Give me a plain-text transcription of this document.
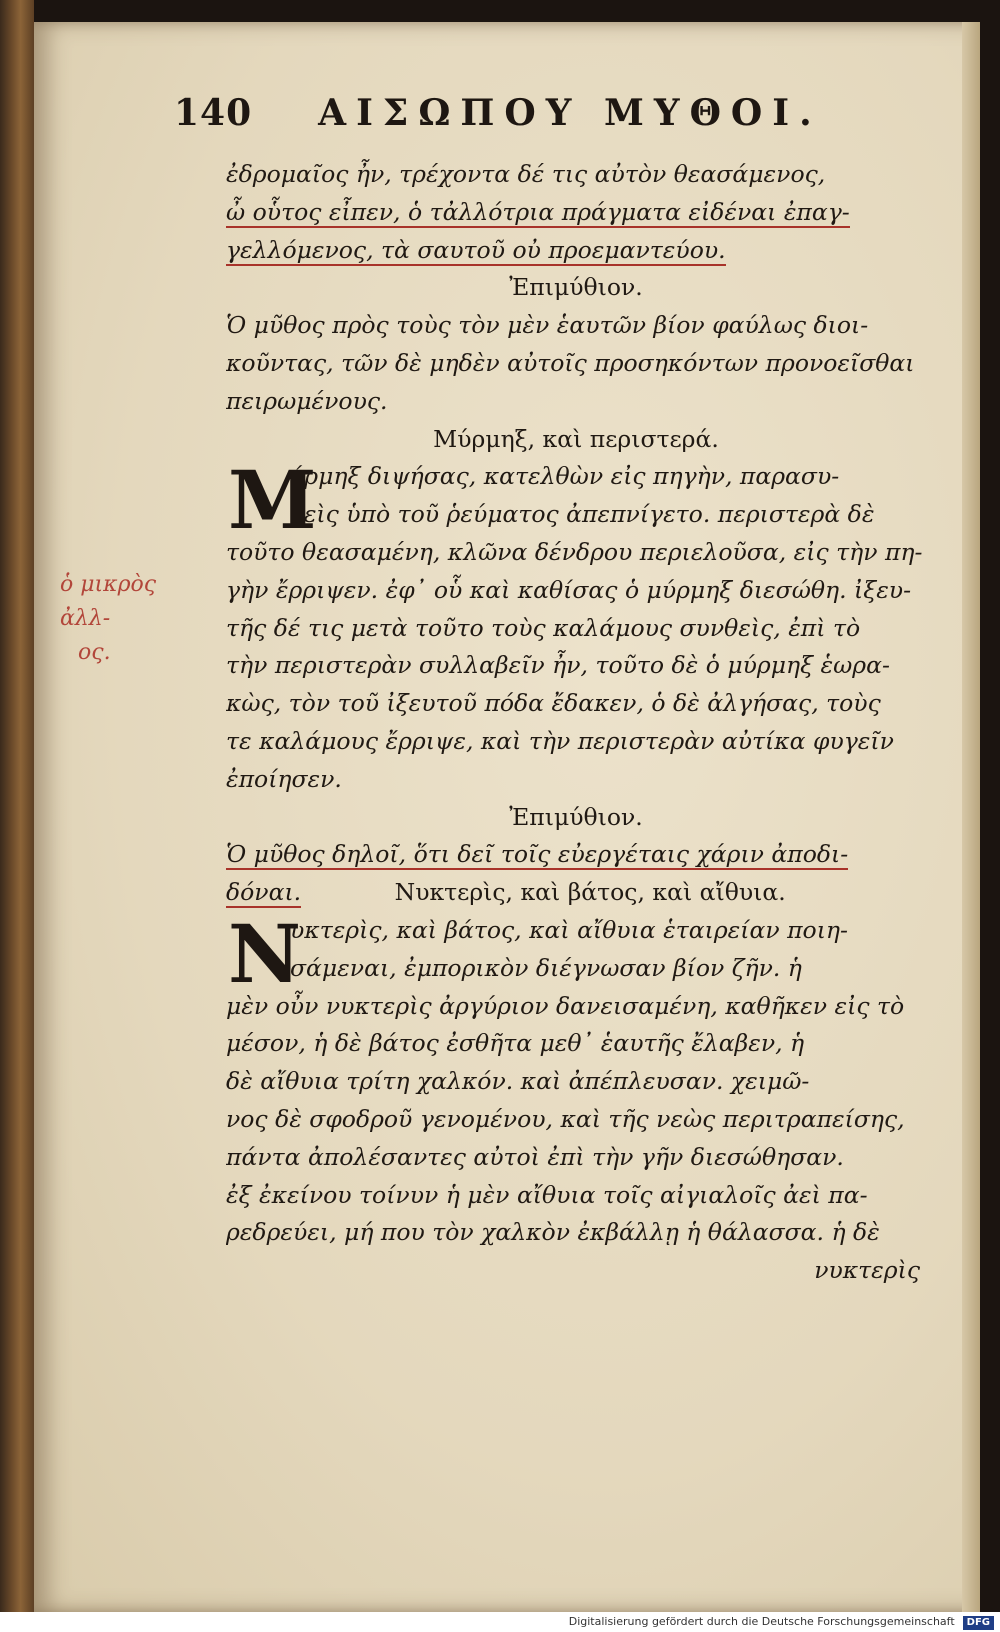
140 ΑΙΣΩΠΟΥ ΜΥΘΟΙ.
ὁ μικρὸς ἀλλ-
ος.
ἐδρομαῖος ἦν, τρέχοντα δέ τις αὐτὸν θεασάμενος,
ὦ οὗτος εἶπεν, ὁ τἀλλότρια πράγματα εἰδέναι ἐπαγ-
γελλόμενος, τὰ σαυτοῦ οὐ προεμαντεύου.
Ἐπιμύθιον.
Ὁ μῦθος πρὸς τοὺς τὸν μὲν ἑαυτῶν βίον φαύλως διοι-
κοῦντας, τῶν δὲ μηδὲν αὐτοῖς προσηκόντων προνοεῖσθαι
πειρωμένους.
Μύρμηξ, καὶ περιστερά.
M
ύρμηξ διψήσας, κατελθὼν εἰς πηγὴν, παρασυ-
ρεὶς ὑπὸ τοῦ ῥεύματος ἀπεπνίγετο. περιστερὰ δὲ
τοῦτο θεασαμένη, κλῶνα δένδρου περιελοῦσα, εἰς τὴν πη-
γὴν ἔρριψεν. ἐφ᾽ οὗ καὶ καθίσας ὁ μύρμηξ διεσώθη. ἰξευ-
τῆς δέ τις μετὰ τοῦτο τοὺς καλάμους συνθεὶς, ἐπὶ τὸ
τὴν περιστερὰν συλλαβεῖν ἦν, τοῦτο δὲ ὁ μύρμηξ ἑωρα-
κὼς, τὸν τοῦ ἰξευτοῦ πόδα ἔδακεν, ὁ δὲ ἀλγήσας, τοὺς
τε καλάμους ἔρριψε, καὶ τὴν περιστερὰν αὐτίκα φυγεῖν
ἐποίησεν.
Ἐπιμύθιον.
Ὁ μῦθος δηλοῖ, ὅτι δεῖ τοῖς εὐεργέταις χάριν ἀποδι-
δόναι.	Νυκτερὶς, καὶ βάτος, καὶ αἴθυια.
N
υκτερὶς, καὶ βάτος, καὶ αἴθυια ἑταιρείαν ποιη-
σάμεναι, ἐμπορικὸν διέγνωσαν βίον ζῆν. ἡ
μὲν οὖν νυκτερὶς ἀργύριον δανεισαμένη, καθῆκεν εἰς τὸ
μέσον, ἡ δὲ βάτος ἐσθῆτα μεθ᾽ ἑαυτῆς ἔλαβεν, ἡ
δὲ αἴθυια τρίτη χαλκόν. καὶ ἀπέπλευσαν. χειμῶ-
νος δὲ σφοδροῦ γενομένου, καὶ τῆς νεὼς περιτραπείσης,
πάντα ἀπολέσαντες αὐτοὶ ἐπὶ τὴν γῆν διεσώθησαν.
ἐξ ἐκείνου τοίνυν ἡ μὲν αἴθυια τοῖς αἰγιαλοῖς ἀεὶ πα-
ρεδρεύει, μή που τὸν χαλκὸν ἐκβάλλῃ ἡ θάλασσα. ἡ δὲ
νυκτερὶς
Digitalisierung gefördert durch die Deutsche Forschungsgemeinschaft DFG
